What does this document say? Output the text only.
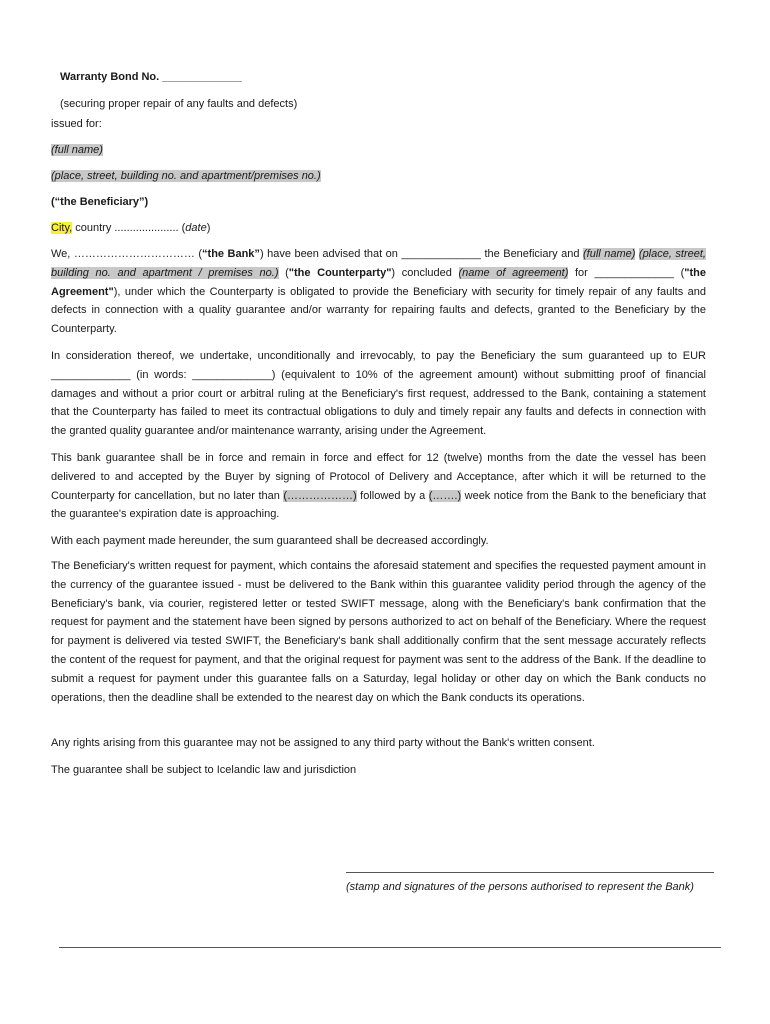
Warranty Bond No. _____________
(securing proper repair of any faults and defects)
issued for:
(full name)
(place, street, building no. and apartment/premises no.)
(“the Beneficiary”)
City, country ..................... (date)
We, …………………………… (“the Bank”) have been advised that on _____________ the Beneficiary and (full name) (place, street, building no. and apartment / premises no.) ("the Counterparty") concluded (name of agreement) for _____________ ("the Agreement"), under which the Counterparty is obligated to provide the Beneficiary with security for timely repair of any faults and defects in connection with a quality guarantee and/or warranty for repairing faults and defects, granted to the Beneficiary by the Counterparty.
In consideration thereof, we undertake, unconditionally and irrevocably, to pay the Beneficiary the sum guaranteed up to EUR _____________ (in words: _____________) (equivalent to 10% of the agreement amount) without submitting proof of financial damages and without a prior court or arbitral ruling at the Beneficiary's first request, addressed to the Bank, containing a statement that the Counterparty has failed to meet its contractual obligations to duly and timely repair any faults and defects in connection with the granted quality guarantee and/or maintenance warranty, arising under the Agreement.
This bank guarantee shall be in force and remain in force and effect for 12 (twelve) months from the date the vessel has been delivered to and accepted by the Buyer by signing of Protocol of Delivery and Acceptance, after which it will be returned to the Counterparty for cancellation, but no later than (………………) followed by a (…….) week notice from the Bank to the beneficiary that the guarantee's expiration date is approaching.
With each payment made hereunder, the sum guaranteed shall be decreased accordingly.
The Beneficiary's written request for payment, which contains the aforesaid statement and specifies the requested payment amount in the currency of the guarantee issued - must be delivered to the Bank within this guarantee validity period through the agency of the Beneficiary's bank, via courier, registered letter or tested SWIFT message, along with the Beneficiary's bank confirmation that the request for payment and the statement have been signed by persons authorized to act on behalf of the Beneficiary. Where the request for payment is delivered via tested SWIFT, the Beneficiary's bank shall additionally confirm that the sent message accurately reflects the content of the request for payment, and that the original request for payment was sent to the address of the Bank. If the deadline to submit a request for payment under this guarantee falls on a Saturday, legal holiday or other day on which the Bank conducts no operations, then the deadline shall be extended to the nearest day on which the Bank conducts its operations.
Any rights arising from this guarantee may not be assigned to any third party without the Bank's written consent.
The guarantee shall be subject to Icelandic law and jurisdiction
(stamp and signatures of the persons authorised to represent the Bank)
